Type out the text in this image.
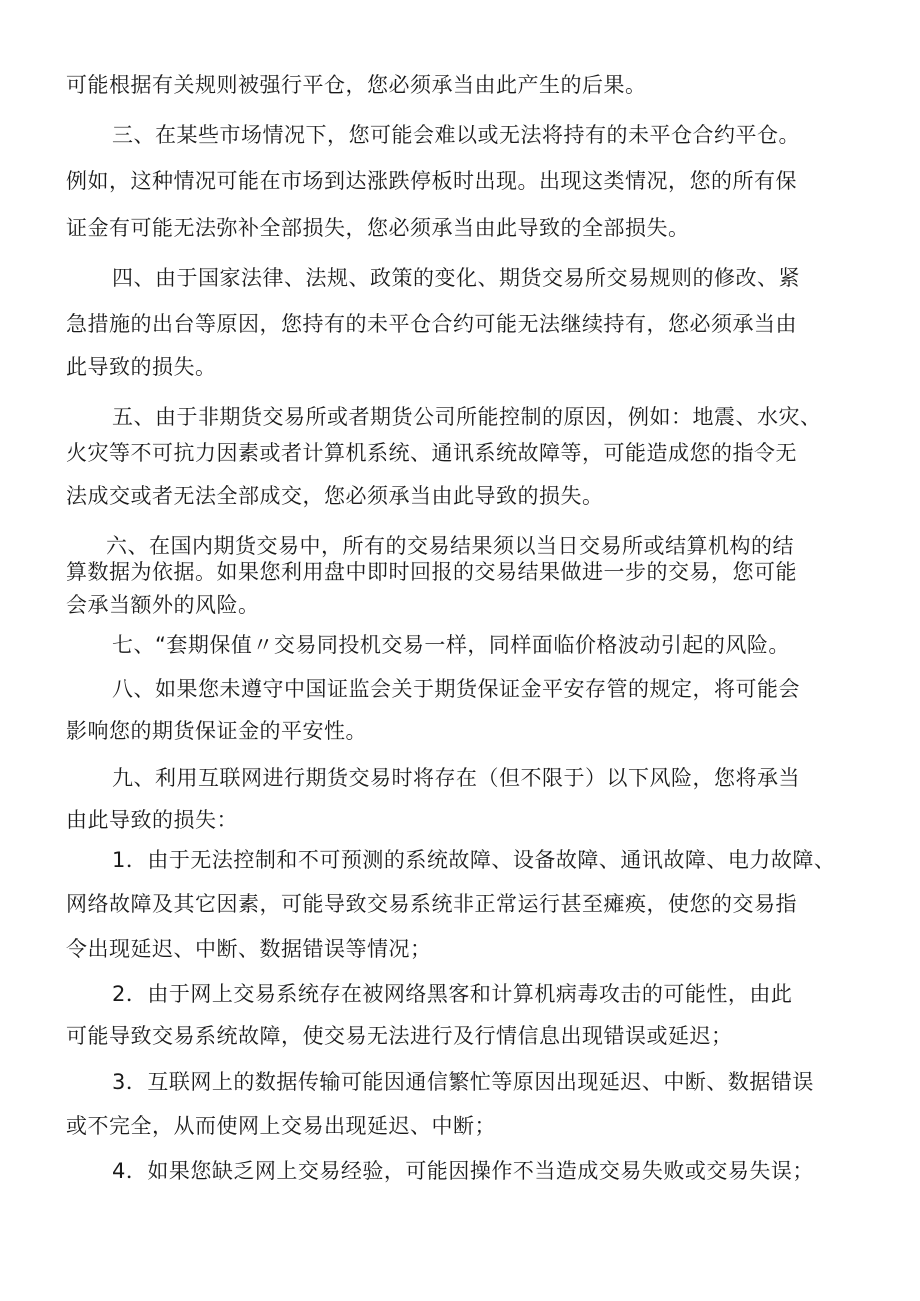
可能根据有关规则被强行平仓，您必须承当由此产生的后果。
三、在某些市场情况下，您可能会难以或无法将持有的未平仓合约平仓。
例如，这种情况可能在市场到达涨跌停板时出现。出现这类情况，您的所有保
证金有可能无法弥补全部损失，您必须承当由此导致的全部损失。
四、由于国家法律、法规、政策的变化、期货交易所交易规则的修改、紧
急措施的出台等原因，您持有的未平仓合约可能无法继续持有，您必须承当由
此导致的损失。
五、由于非期货交易所或者期货公司所能控制的原因，例如：地震、水灾、
火灾等不可抗力因素或者计算机系统、通讯系统故障等，可能造成您的指令无
法成交或者无法全部成交，您必须承当由此导致的损失。
六、在国内期货交易中，所有的交易结果须以当日交易所或结算机构的结
算数据为依据。如果您利用盘中即时回报的交易结果做进一步的交易，您可能
会承当额外的风险。
七、“套期保值〃交易同投机交易一样，同样面临价格波动引起的风险。
八、如果您未遵守中国证监会关于期货保证金平安存管的规定，将可能会
影响您的期货保证金的平安性。
九、利用互联网进行期货交易时将存在（但不限于）以下风险，您将承当
由此导致的损失：
1．由于无法控制和不可预测的系统故障、设备故障、通讯故障、电力故障、
网络故障及其它因素，可能导致交易系统非正常运行甚至瘫痪，使您的交易指
令出现延迟、中断、数据错误等情况；
2．由于网上交易系统存在被网络黑客和计算机病毒攻击的可能性，由此
可能导致交易系统故障，使交易无法进行及行情信息出现错误或延迟；
3．互联网上的数据传输可能因通信繁忙等原因出现延迟、中断、数据错误
或不完全，从而使网上交易出现延迟、中断；
4．如果您缺乏网上交易经验，可能因操作不当造成交易失败或交易失误；
